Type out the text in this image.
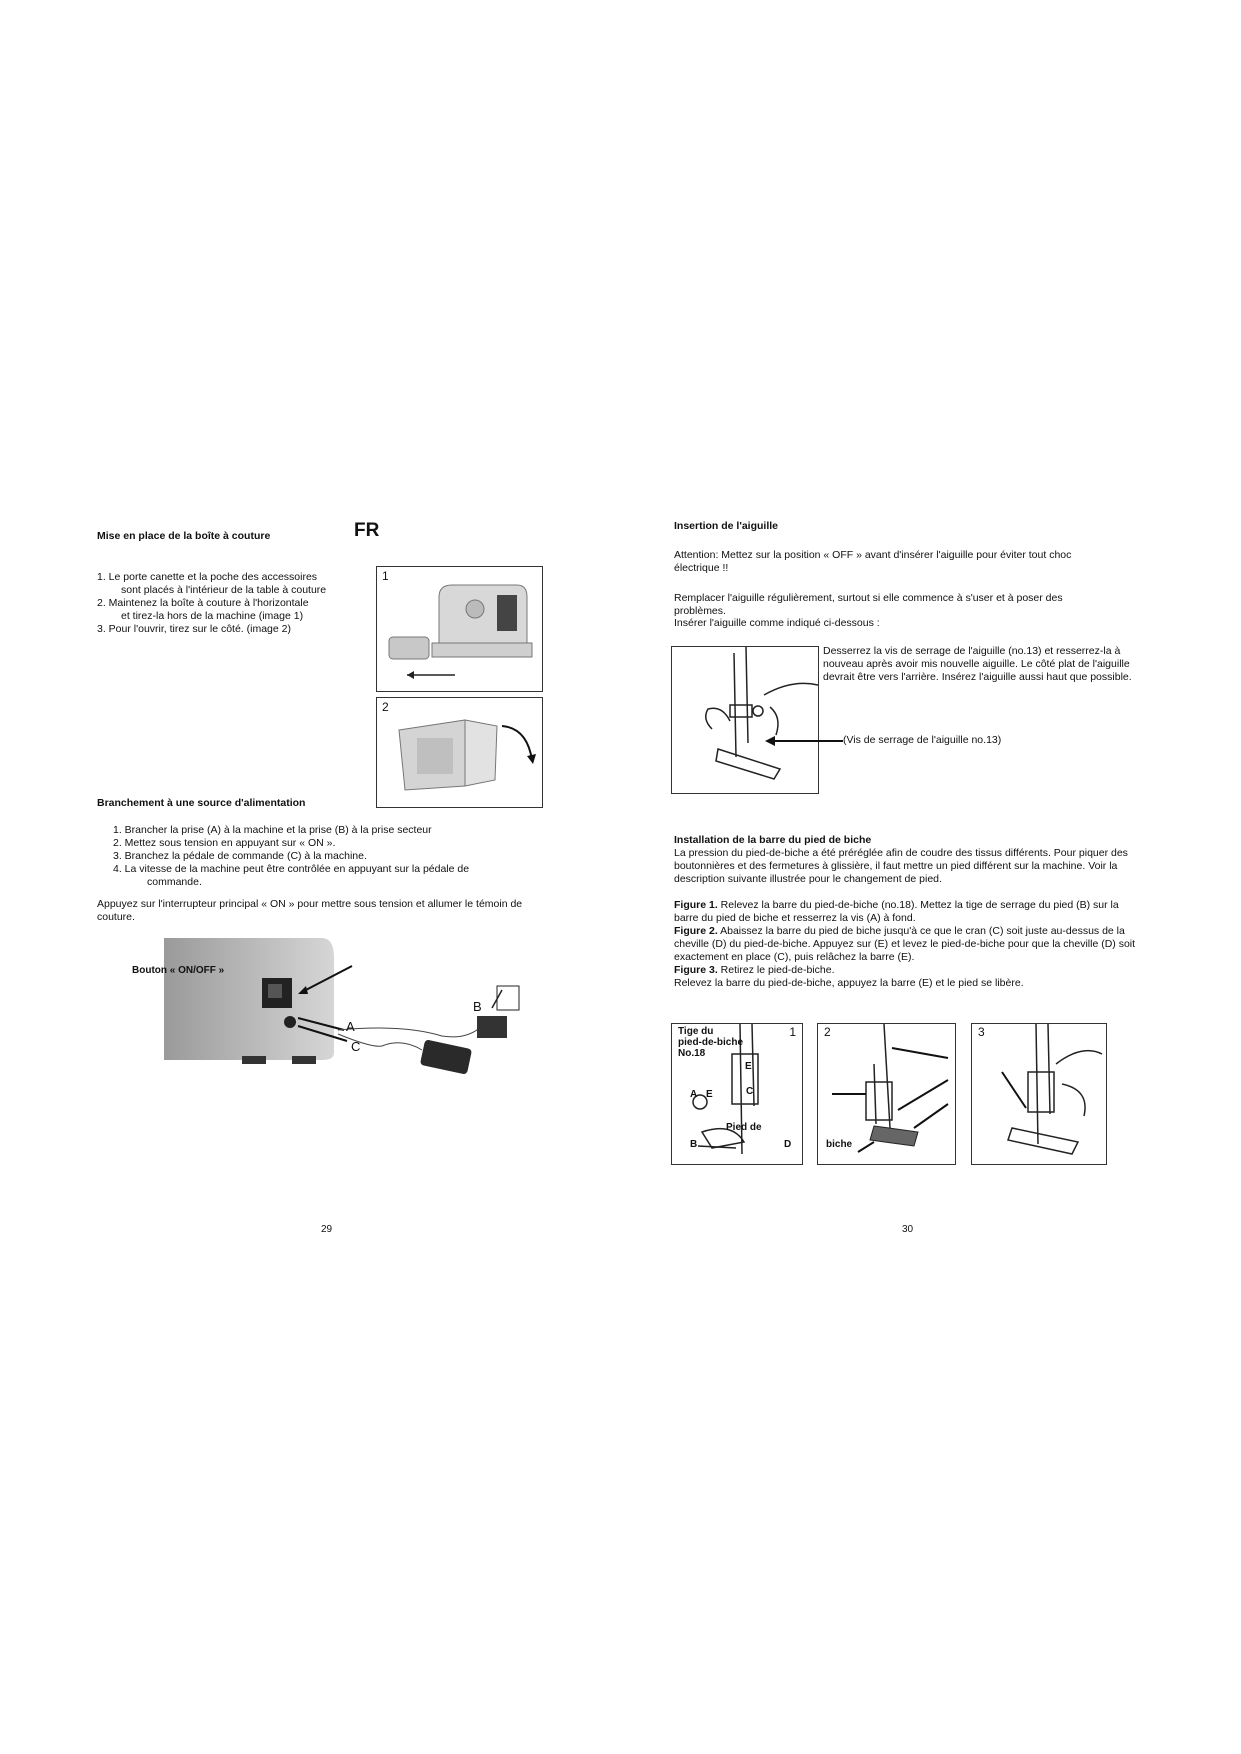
Mise en place de la boîte à couture	FR
1. Le porte canette et la poche des accessoires
sont placés à l'intérieur de la table à couture
2. Maintenez la boîte à couture à l'horizontale
et tirez-la hors de la machine (image 1)
3. Pour l'ouvrir, tirez sur le côté. (image 2)
1
2
Branchement à une source d'alimentation
1. Brancher la prise (A) à la machine et la prise (B) à la prise secteur
2. Mettez sous tension en appuyant sur « ON ».
3. Branchez la pédale de commande (C) à la machine.
4. La vitesse de la machine peut être contrôlée en appuyant sur la pédale de
commande.

Appuyez sur l'interrupteur principal « ON » pour mettre sous tension et allumer le témoin de couture.

Bouton « ON/OFF »
A
B
C
29
Insertion de l'aiguille

Attention: Mettez sur la position « OFF » avant d'insérer l'aiguille pour éviter tout choc électrique !!

Remplacer l'aiguille régulièrement, surtout si elle commence à s'user et à poser des problèmes.

Insérer l'aiguille comme indiqué ci-dessous :

Desserrez la vis de serrage de l'aiguille (no.13) et resserrez-la à nouveau après avoir mis nouvelle aiguille. Le côté plat de l'aiguille devrait être vers l'arrière. Insérez l'aiguille aussi haut que possible.

(Vis de serrage de l'aiguille no.13)
Installation de la barre du pied de biche

La pression du pied-de-biche a été préréglée afin de coudre des tissus différents. Pour piquer des boutonnières et des fermetures à glissière, il faut mettre un pied différent sur la machine. Voir la description suivante illustrée pour le changement de pied.

Figure 1. Relevez la barre du pied-de-biche (no.18). Mettez la tige de serrage du pied (B) sur la barre du pied de biche et resserrez la vis (A) à fond.

Figure 2. Abaissez la barre du pied de biche jusqu'à ce que le cran (C) soit juste au-dessus de la cheville (D) du pied-de-biche. Appuyez sur (E) et levez le pied-de-biche pour que la cheville (D) soit exactement en place (C), puis relâchez la barre (E).

Figure 3. Retirez le pied-de-biche.

Relevez la barre du pied-de-biche, appuyez la barre (E) et le pied se libère.

1
Tige du
pied-de-biche
No.18
E
A E	C
Pied de
B	D
2
biche
3
30
